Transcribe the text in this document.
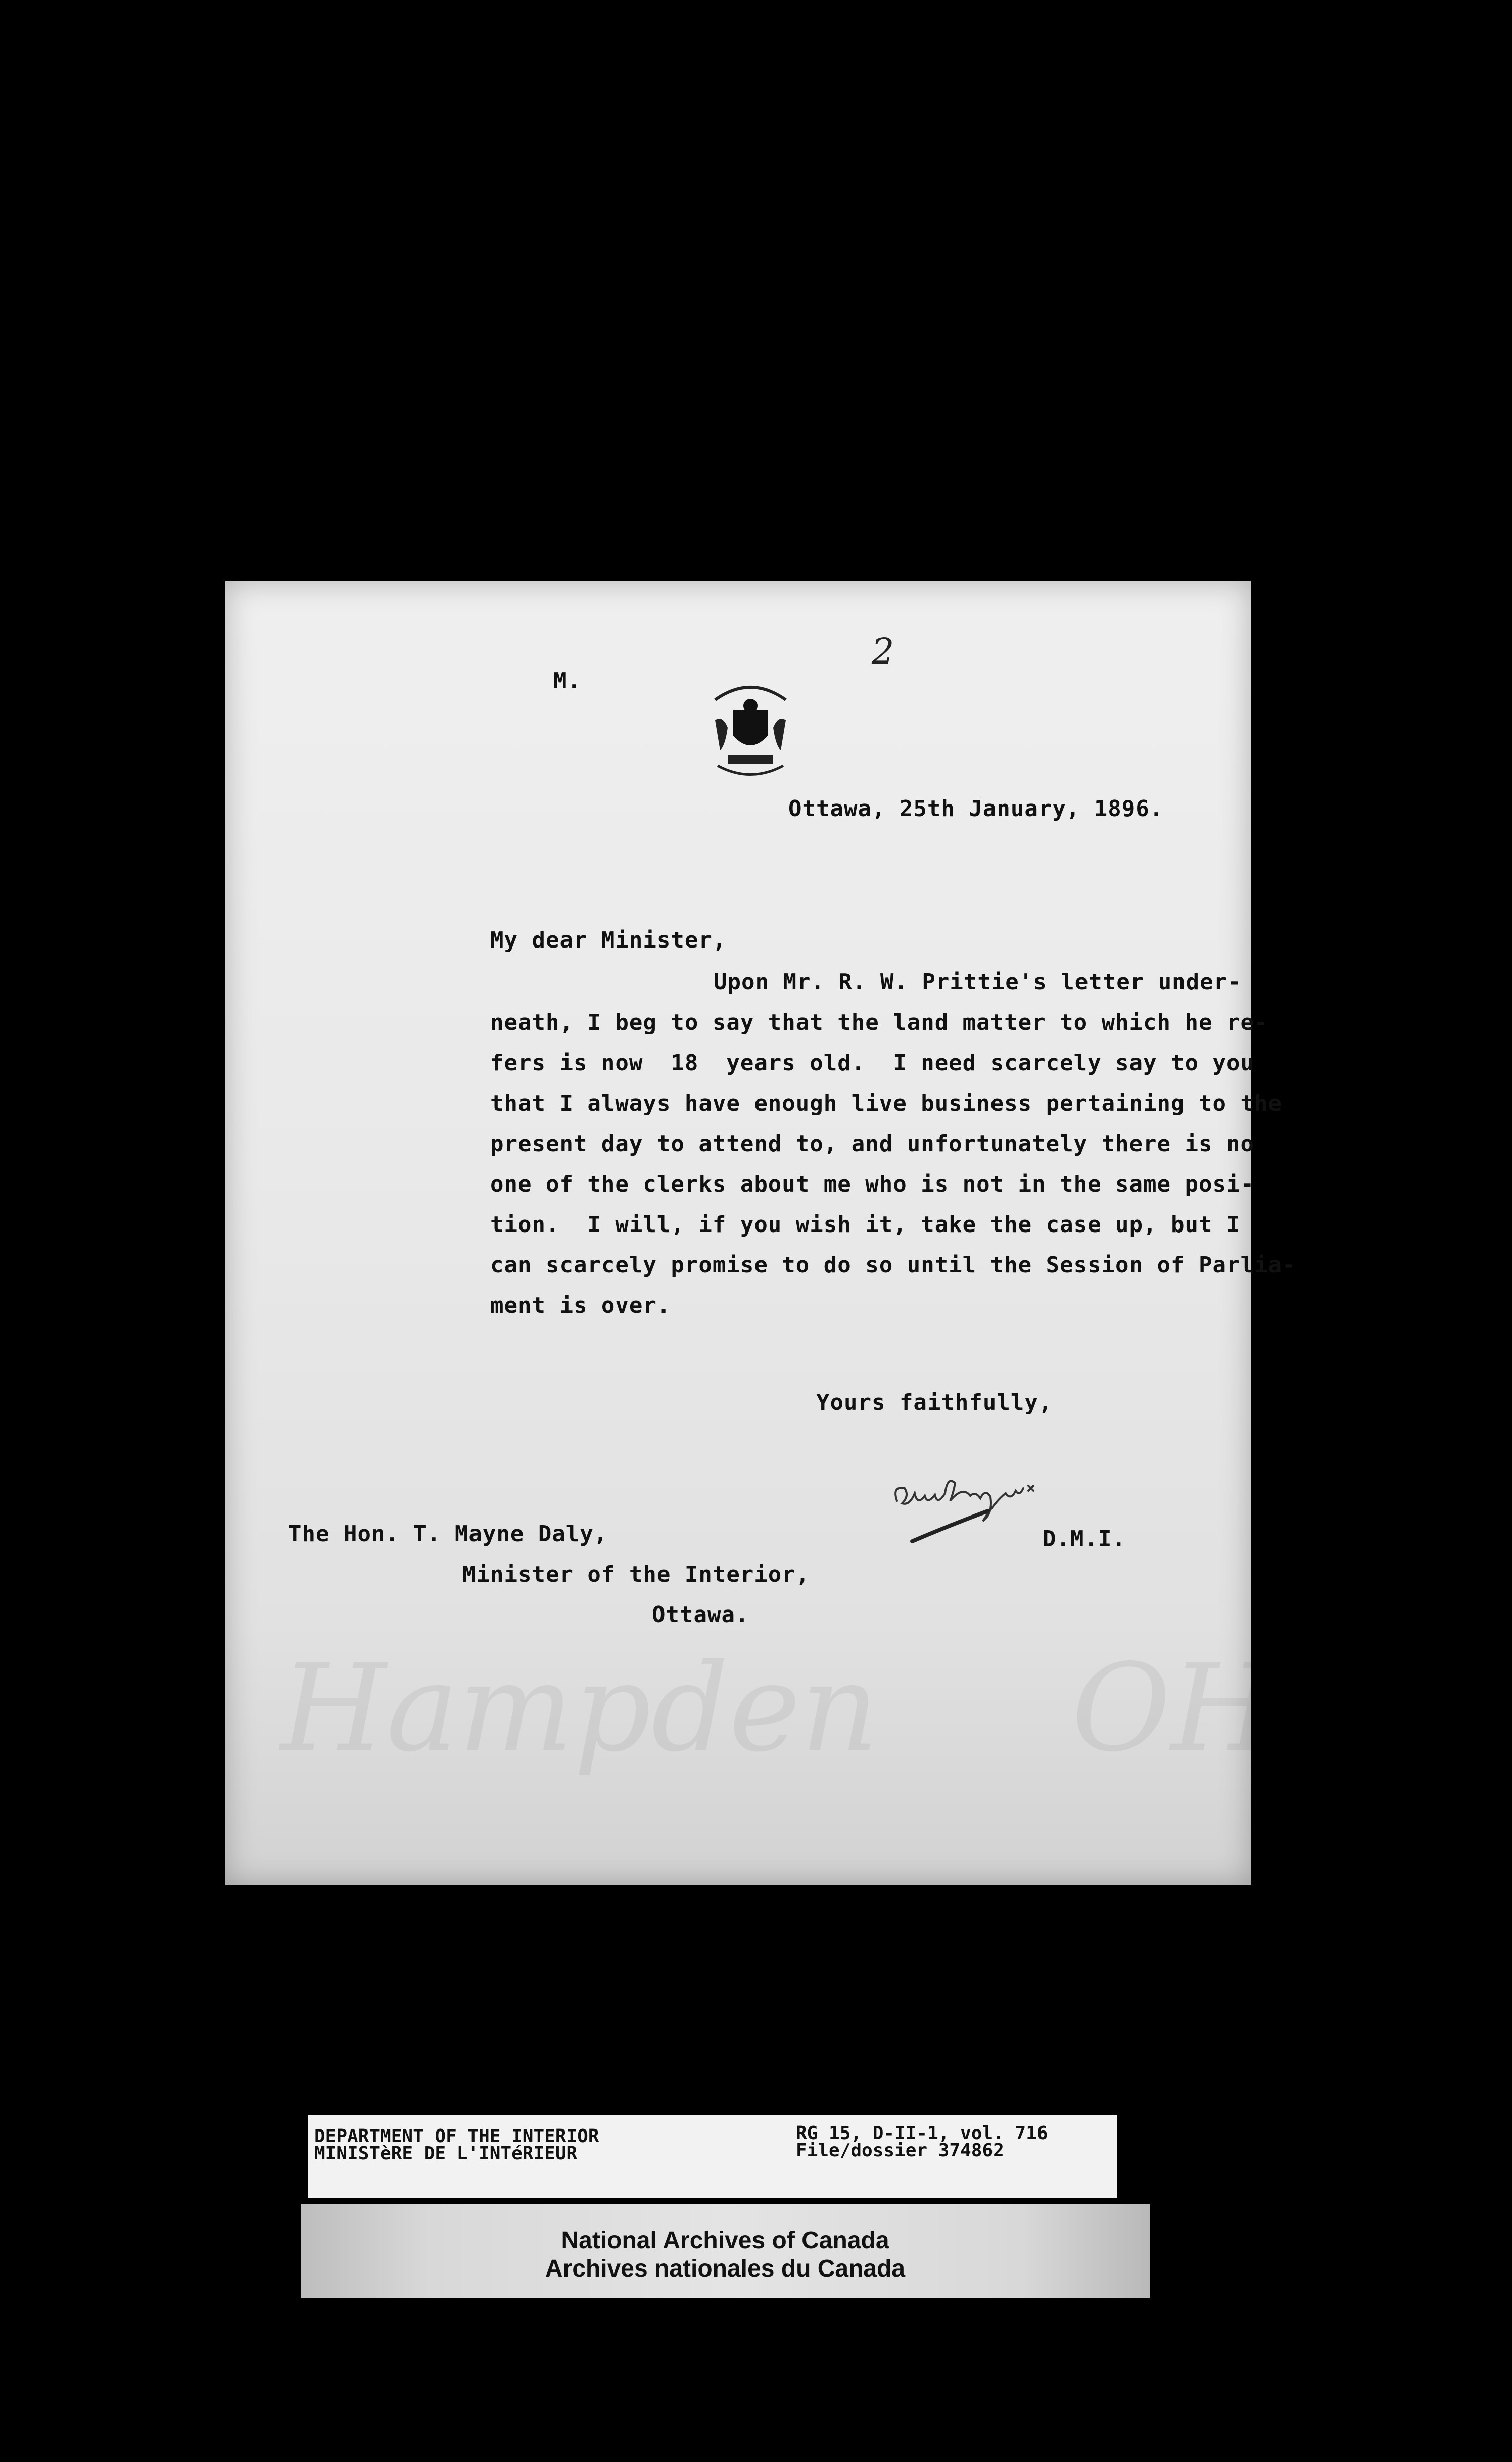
Hampden     OH
M.
2
Ottawa, 25th January, 1896.
My dear Minister,
Upon Mr. R. W. Prittie's letter under-
neath, I beg to say that the land matter to which he re-
fers is now  18  years old.  I need scarcely say to you
that I always have enough live business pertaining to the
present day to attend to, and unfortunately there is no
one of the clerks about me who is not in the same posi-
tion.  I will, if you wish it, take the case up, but I
can scarcely promise to do so until the Session of Parlia-
ment is over.
Yours faithfully,
D.M.I.
The Hon. T. Mayne Daly,
Minister of the Interior,
Ottawa.
DEPARTMENT OF THE INTERIOR
MINISTèRE DE L'INTéRIEUR
RG 15, D-II-1, vol. 716
File/dossier 374862
National Archives of Canada
Archives nationales du Canada
